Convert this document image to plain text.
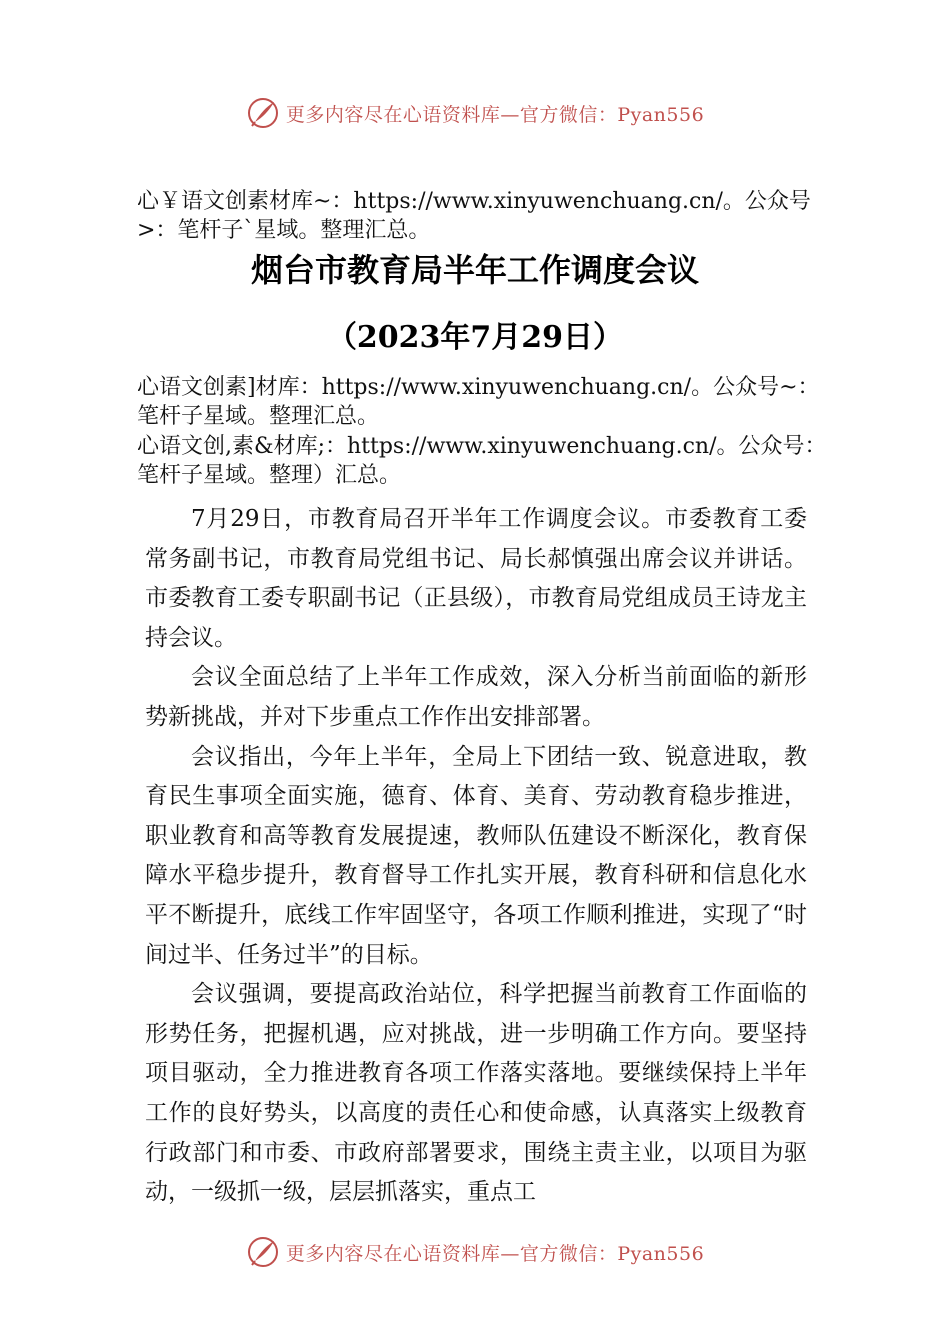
更多内容尽在心语资料库—官方微信：Pyan556
心￥语文创素材库~：https://www.xinyuwenchuang.cn/。公众号>：笔杆子`星域。整理汇总。
烟台市教育局半年工作调度会议
（2023年7月29日）
心语文创素]材库：https://www.xinyuwenchuang.cn/。公众号~：笔杆子星域。整理汇总。
心语文创,素&材库;：https://www.xinyuwenchuang.cn/。公众号：笔杆子星域。整理）汇总。

7月29日，市教育局召开半年工作调度会议。市委教育工委常务副书记，市教育局党组书记、局长郝慎强出席会议并讲话。市委教育工委专职副书记（正县级），市教育局党组成员王诗龙主持会议。

会议全面总结了上半年工作成效，深入分析当前面临的新形势新挑战，并对下步重点工作作出安排部署。

会议指出，今年上半年，全局上下团结一致、锐意进取，教育民生事项全面实施，德育、体育、美育、劳动教育稳步推进，职业教育和高等教育发展提速，教师队伍建设不断深化，教育保障水平稳步提升，教育督导工作扎实开展，教育科研和信息化水平不断提升，底线工作牢固坚守，各项工作顺利推进，实现了“时间过半、任务过半”的目标。

会议强调，要提高政治站位，科学把握当前教育工作面临的形势任务，把握机遇，应对挑战，进一步明确工作方向。要坚持项目驱动，全力推进教育各项工作落实落地。要继续保持上半年工作的良好势头，以高度的责任心和使命感，认真落实上级教育行政部门和市委、市政府部署要求，围绕主责主业，以项目为驱动，一级抓一级，层层抓落实，重点工

更多内容尽在心语资料库—官方微信：Pyan556
